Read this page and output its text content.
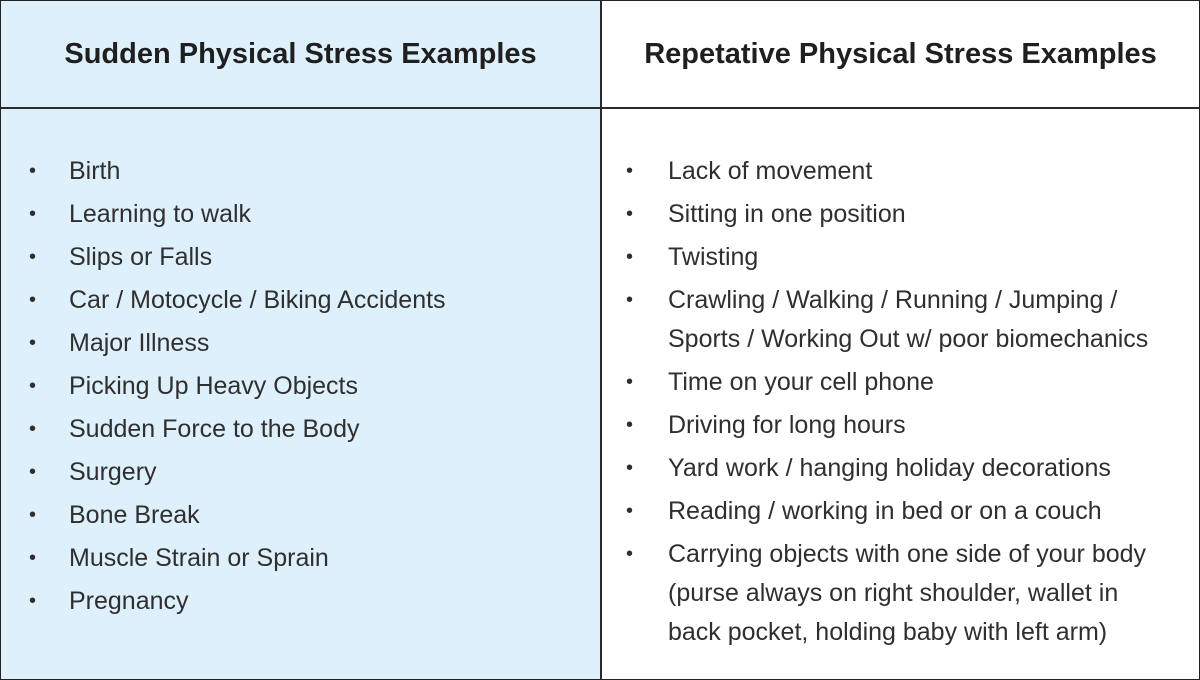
Sudden Physical Stress Examples	Repetative Physical Stress Examples
• Birth
• Learning to walk
• Slips or Falls
• Car / Motocycle / Biking Accidents
• Major Illness
• Picking Up Heavy Objects
• Sudden Force to the Body
• Surgery
• Bone Break
• Muscle Strain or Sprain
• Pregnancy
• Lack of movement
• Sitting in one position
• Twisting
• Crawling / Walking / Running / Jumping /
Sports / Working Out w/ poor biomechanics
• Time on your cell phone
• Driving for long hours
• Yard work / hanging holiday decorations
• Reading / working in bed or on a couch
• Carrying objects with one side of your body
(purse always on right shoulder, wallet in
back pocket, holding baby with left arm)
